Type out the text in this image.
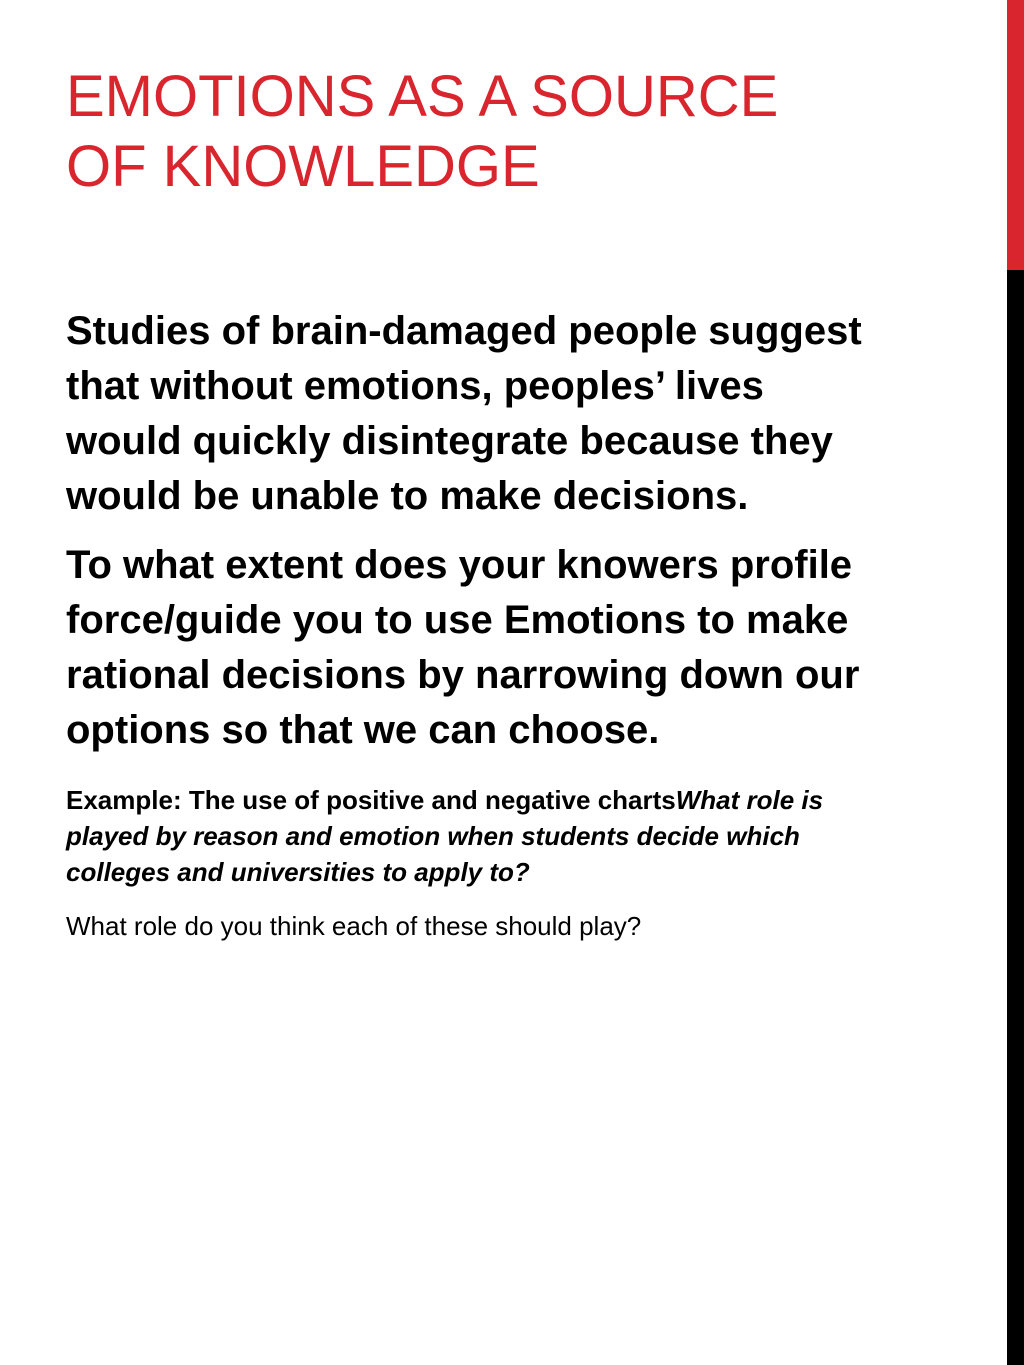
EMOTIONS AS A SOURCE OF KNOWLEDGE

Studies of brain-damaged people suggest that without emotions, peoples’ lives would quickly disintegrate because they would be unable to make decisions.

To what extent does your knowers profile force/guide you to use Emotions to make rational decisions by narrowing down our options so that we can choose.

Example: The use of positive and negative chartsWhat role is played by reason and emotion when students decide which colleges and universities to apply to?

What role do you think each of these should play?
